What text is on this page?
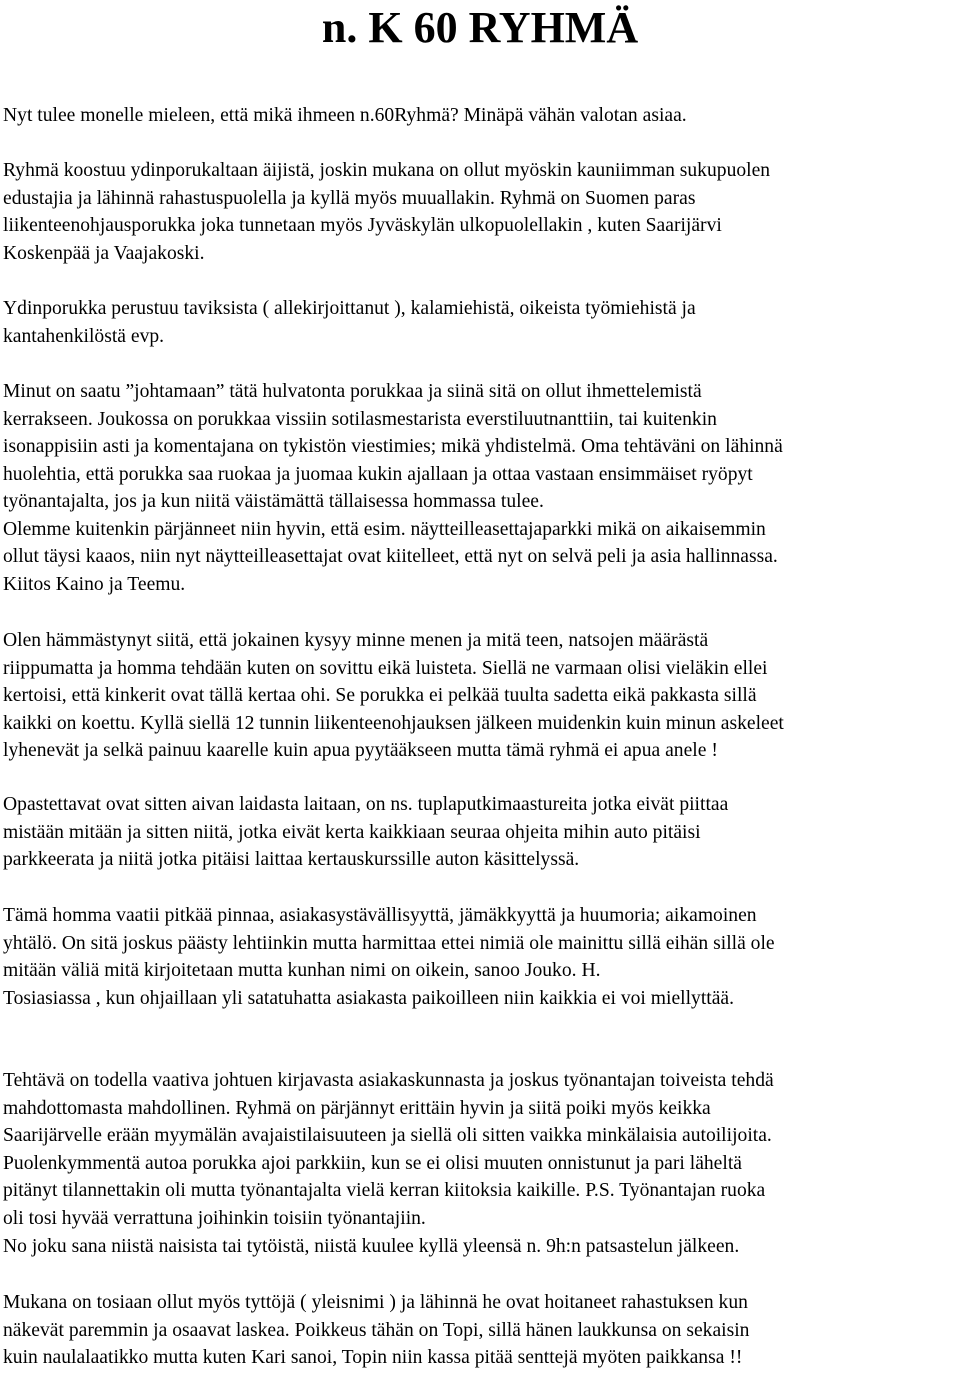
n. K 60 RYHMÄ

Nyt tulee monelle mieleen, että mikä ihmeen n.60Ryhmä? Minäpä vähän valotan asiaa.

Ryhmä koostuu ydinporukaltaan äijistä, joskin mukana on ollut myöskin kauniimman sukupuolen
edustajia ja lähinnä rahastuspuolella ja kyllä myös muuallakin. Ryhmä on Suomen paras
liikenteenohjausporukka joka tunnetaan myös Jyväskylän ulkopuolellakin , kuten Saarijärvi
Koskenpää ja Vaajakoski.

Ydinporukka perustuu taviksista ( allekirjoittanut ), kalamiehistä, oikeista työmiehistä ja
kantahenkilöstä evp.

Minut on saatu ”johtamaan” tätä hulvatonta porukkaa ja siinä sitä on ollut ihmettelemistä
kerrakseen. Joukossa on porukkaa vissiin sotilasmestarista everstiluutnanttiin, tai kuitenkin
isonappisiin asti ja komentajana on tykistön viestimies; mikä yhdistelmä. Oma tehtäväni on lähinnä
huolehtia, että porukka saa ruokaa ja juomaa kukin ajallaan ja ottaa vastaan ensimmäiset ryöpyt
työnantajalta, jos ja kun niitä väistämättä tällaisessa hommassa tulee.
Olemme kuitenkin pärjänneet niin hyvin, että esim. näytteilleasettajaparkki mikä on aikaisemmin
ollut täysi kaaos, niin nyt näytteilleasettajat ovat kiitelleet, että nyt on selvä peli ja asia hallinnassa.
Kiitos Kaino ja Teemu.

Olen hämmästynyt siitä, että jokainen kysyy minne menen ja mitä teen, natsojen määrästä
riippumatta ja homma tehdään kuten on sovittu eikä luisteta. Siellä ne varmaan olisi vieläkin ellei
kertoisi, että kinkerit ovat tällä kertaa ohi. Se porukka ei pelkää tuulta sadetta eikä pakkasta sillä
kaikki on koettu. Kyllä siellä 12 tunnin liikenteenohjauksen jälkeen muidenkin kuin minun askeleet
lyhenevät ja selkä painuu kaarelle kuin apua pyytääkseen mutta tämä ryhmä ei apua anele !

Opastettavat ovat sitten aivan laidasta laitaan, on ns. tuplaputkimaastureita jotka eivät piittaa
mistään mitään ja sitten niitä, jotka eivät kerta kaikkiaan seuraa ohjeita mihin auto pitäisi
parkkeerata ja niitä jotka pitäisi laittaa kertauskurssille auton käsittelyssä.

Tämä homma vaatii pitkää pinnaa, asiakasystävällisyyttä, jämäkkyyttä ja huumoria; aikamoinen
yhtälö. On sitä joskus päästy lehtiinkin mutta harmittaa ettei nimiä ole mainittu sillä eihän sillä ole
mitään väliä mitä kirjoitetaan mutta kunhan nimi on oikein, sanoo Jouko. H.
Tosiasiassa , kun ohjaillaan yli satatuhatta asiakasta paikoilleen niin kaikkia ei voi miellyttää.

Tehtävä on todella vaativa johtuen kirjavasta asiakaskunnasta ja joskus työnantajan toiveista tehdä
mahdottomasta mahdollinen. Ryhmä on pärjännyt erittäin hyvin ja siitä poiki myös keikka
Saarijärvelle erään myymälän avajaistilaisuuteen ja siellä oli sitten vaikka minkälaisia autoilijoita.
Puolenkymmentä autoa porukka ajoi parkkiin, kun se ei olisi muuten onnistunut ja pari läheltä
pitänyt tilannettakin oli mutta työnantajalta vielä kerran kiitoksia kaikille. P.S. Työnantajan ruoka
oli tosi hyvää verrattuna joihinkin toisiin työnantajiin.

No joku sana niistä naisista tai tytöistä, niistä kuulee kyllä yleensä n. 9h:n patsastelun jälkeen.

Mukana on tosiaan ollut myös tyttöjä ( yleisnimi ) ja lähinnä he ovat hoitaneet rahastuksen kun
näkevät paremmin ja osaavat laskea. Poikkeus tähän on Topi, sillä hänen laukkunsa on sekaisin
kuin naulalaatikko mutta kuten Kari sanoi, Topin niin kassa pitää senttejä myöten paikkansa !!
